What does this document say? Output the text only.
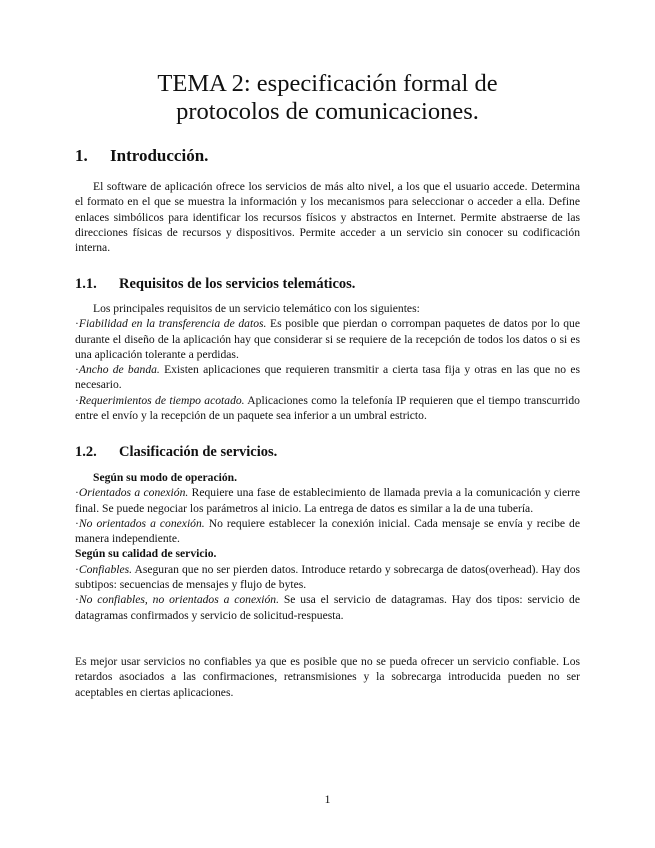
TEMA 2: especificación formal de
protocolos de comunicaciones.
1. Introducción.

El software de aplicación ofrece los servicios de más alto nivel, a los que el usuario accede. Determina el formato en el que se muestra la información y los mecanismos para seleccionar o acceder a ella. Define enlaces simbólicos para identificar los recursos físicos y abstractos en Internet. Permite abstraerse de las direcciones físicas de recursos y dispositivos. Permite acceder a un servicio sin conocer su codificación interna.

1.1. Requisitos de los servicios telemáticos.

Los principales requisitos de un servicio telemático con los siguientes:

·Fiabilidad en la transferencia de datos. Es posible que pierdan o corrompan paquetes de datos por lo que durante el diseño de la aplicación hay que considerar si se requiere de la recepción de todos los datos o si es una aplicación tolerante a perdidas.

·Ancho de banda. Existen aplicaciones que requieren transmitir a cierta tasa fija y otras en las que no es necesario.

·Requerimientos de tiempo acotado. Aplicaciones como la telefonía IP requieren que el tiempo transcurrido entre el envío y la recepción de un paquete sea inferior a un umbral estricto.

1.2. Clasificación de servicios.

Según su modo de operación.

·Orientados a conexión. Requiere una fase de establecimiento de llamada previa a la comunicación y cierre final. Se puede negociar los parámetros al inicio. La entrega de datos es similar a la de una tubería.

·No orientados a conexión. No requiere establecer la conexión inicial. Cada mensaje se envía y recibe de manera independiente.

Según su calidad de servicio.

·Confiables. Aseguran que no ser pierden datos. Introduce retardo y sobrecarga de datos(overhead). Hay dos subtipos: secuencias de mensajes y flujo de bytes.

·No confiables, no orientados a conexión. Se usa el servicio de datagramas. Hay dos tipos: servicio de datagramas confirmados y servicio de solicitud-respuesta.

Es mejor usar servicios no confiables ya que es posible que no se pueda ofrecer un servicio confiable. Los retardos asociados a las confirmaciones, retransmisiones y la sobrecarga introducida pueden no ser aceptables en ciertas aplicaciones.

1
